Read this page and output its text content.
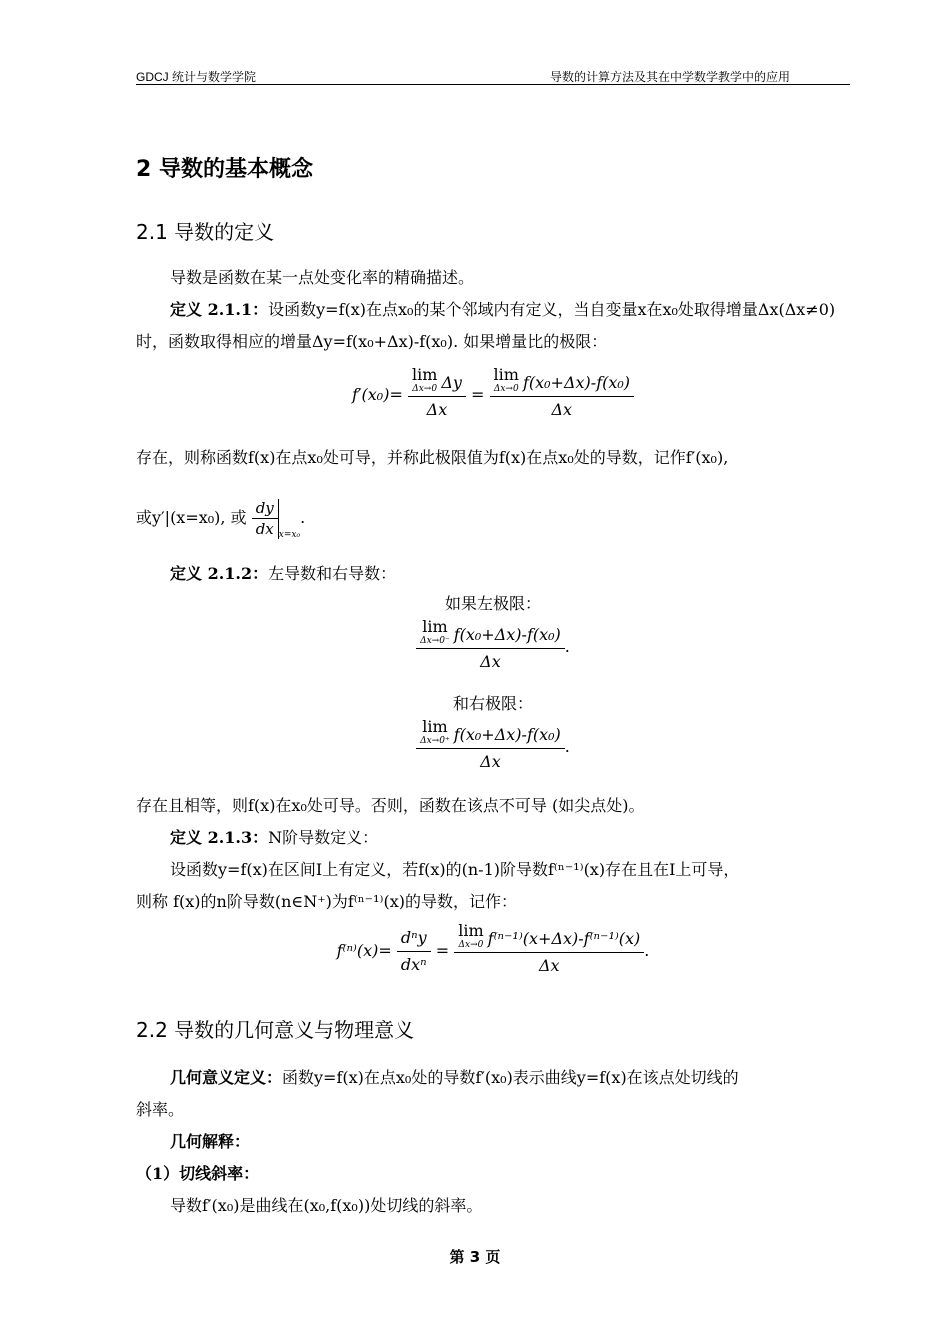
GDCJ 统计与数学学院	导数的计算方法及其在中学数学教学中的应用
2 导数的基本概念
2.1 导数的定义
导数是函数在某一点处变化率的精确描述。
定义 2.1.1：设函数y=f(x)在点x₀的某个邻域内有定义，当自变量x在x₀处取得增量Δx(Δx≠0)时，函数取得相应的增量Δy=f(x₀+Δx)-f(x₀). 如果增量比的极限：
f′(x₀)= lim
Δx→0 Δy
Δx = lim
Δx→0 f(x₀+Δx)-f(x₀)
Δx
存在，则称函数f(x)在点x₀处可导，并称此极限值为f(x)在点x₀处的导数，记作f′(x₀),
或y′|(x=x₀), 或 $\frac{dy}{dx} _{x=x_0}$.
定义 2.1.2：左导数和右导数：
如果左极限：
lim
Δx→0⁻ f(x₀+Δx)-f(x₀)
Δx .
和右极限：
lim
Δx→0⁺ f(x₀+Δx)-f(x₀)
Δx .
存在且相等，则f(x)在x₀处可导。否则，函数在该点不可导 (如尖点处)。
定义 2.1.3：N阶导数定义：
设函数y=f(x)在区间I上有定义，若f(x)的(n-1)阶导数f⁽ⁿ⁻¹⁾(x)存在且在I上可导，
则称 f(x)的n阶导数(n∈N⁺)为f⁽ⁿ⁻¹⁾(x)的导数，记作：
$f^{(n)}(x)= \frac{\text{dⁿy}}{\text{dxⁿ}} = \lim$
Δx→0 f⁽ⁿ⁻¹⁾(x+Δx)-f⁽ⁿ⁻¹⁾(x)
Δx .
2.2 导数的几何意义与物理意义
几何意义定义：函数y=f(x)在点x₀处的导数f′(x₀)表示曲线y=f(x)在该点处切线的
斜率。
几何解释：
（1）切线斜率：
导数f′(x₀)是曲线在(x₀,f(x₀))处切线的斜率。
第 3 页
